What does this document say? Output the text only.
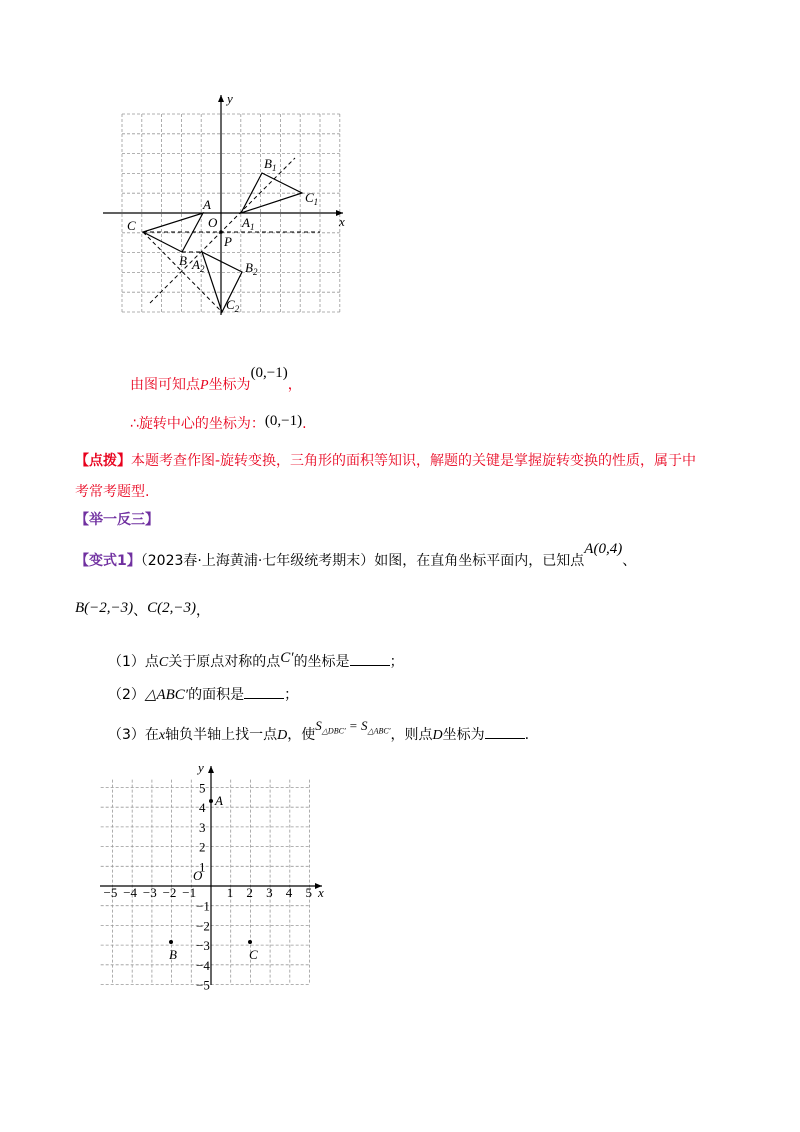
y
x
A
O
C
P
B $A_2$	$B_2$
$C_2$
$B_1$
$C_1$
$A_1$
由图可知点P坐标为(0,−1)，
∴旋转中心的坐标为：(0,−1).
【点拨】本题考查作图-旋转变换，三角形的面积等知识，解题的关键是掌握旋转变换的性质，属于中
考常考题型.
【举一反三】
【变式1】（2023春·上海黄浦·七年级统考期末）如图，在直角坐标平面内，已知点A(0,4)、
B(−2,−3)、C(2,−3)，
（1）点C关于原点对称的点C′的坐标是	；
（2）△ABC′的面积是	；
（3）在x轴负半轴上找一点D，使$S_{\triangle DBC'} = S_{\triangle ABC'}$，则点D坐标为	.
−5 −4 −3 −2 −1 1 2 3 4 5
5
4
3
2
1
−1
−2
−3
−4
−5
y
x
O
A
B	C
